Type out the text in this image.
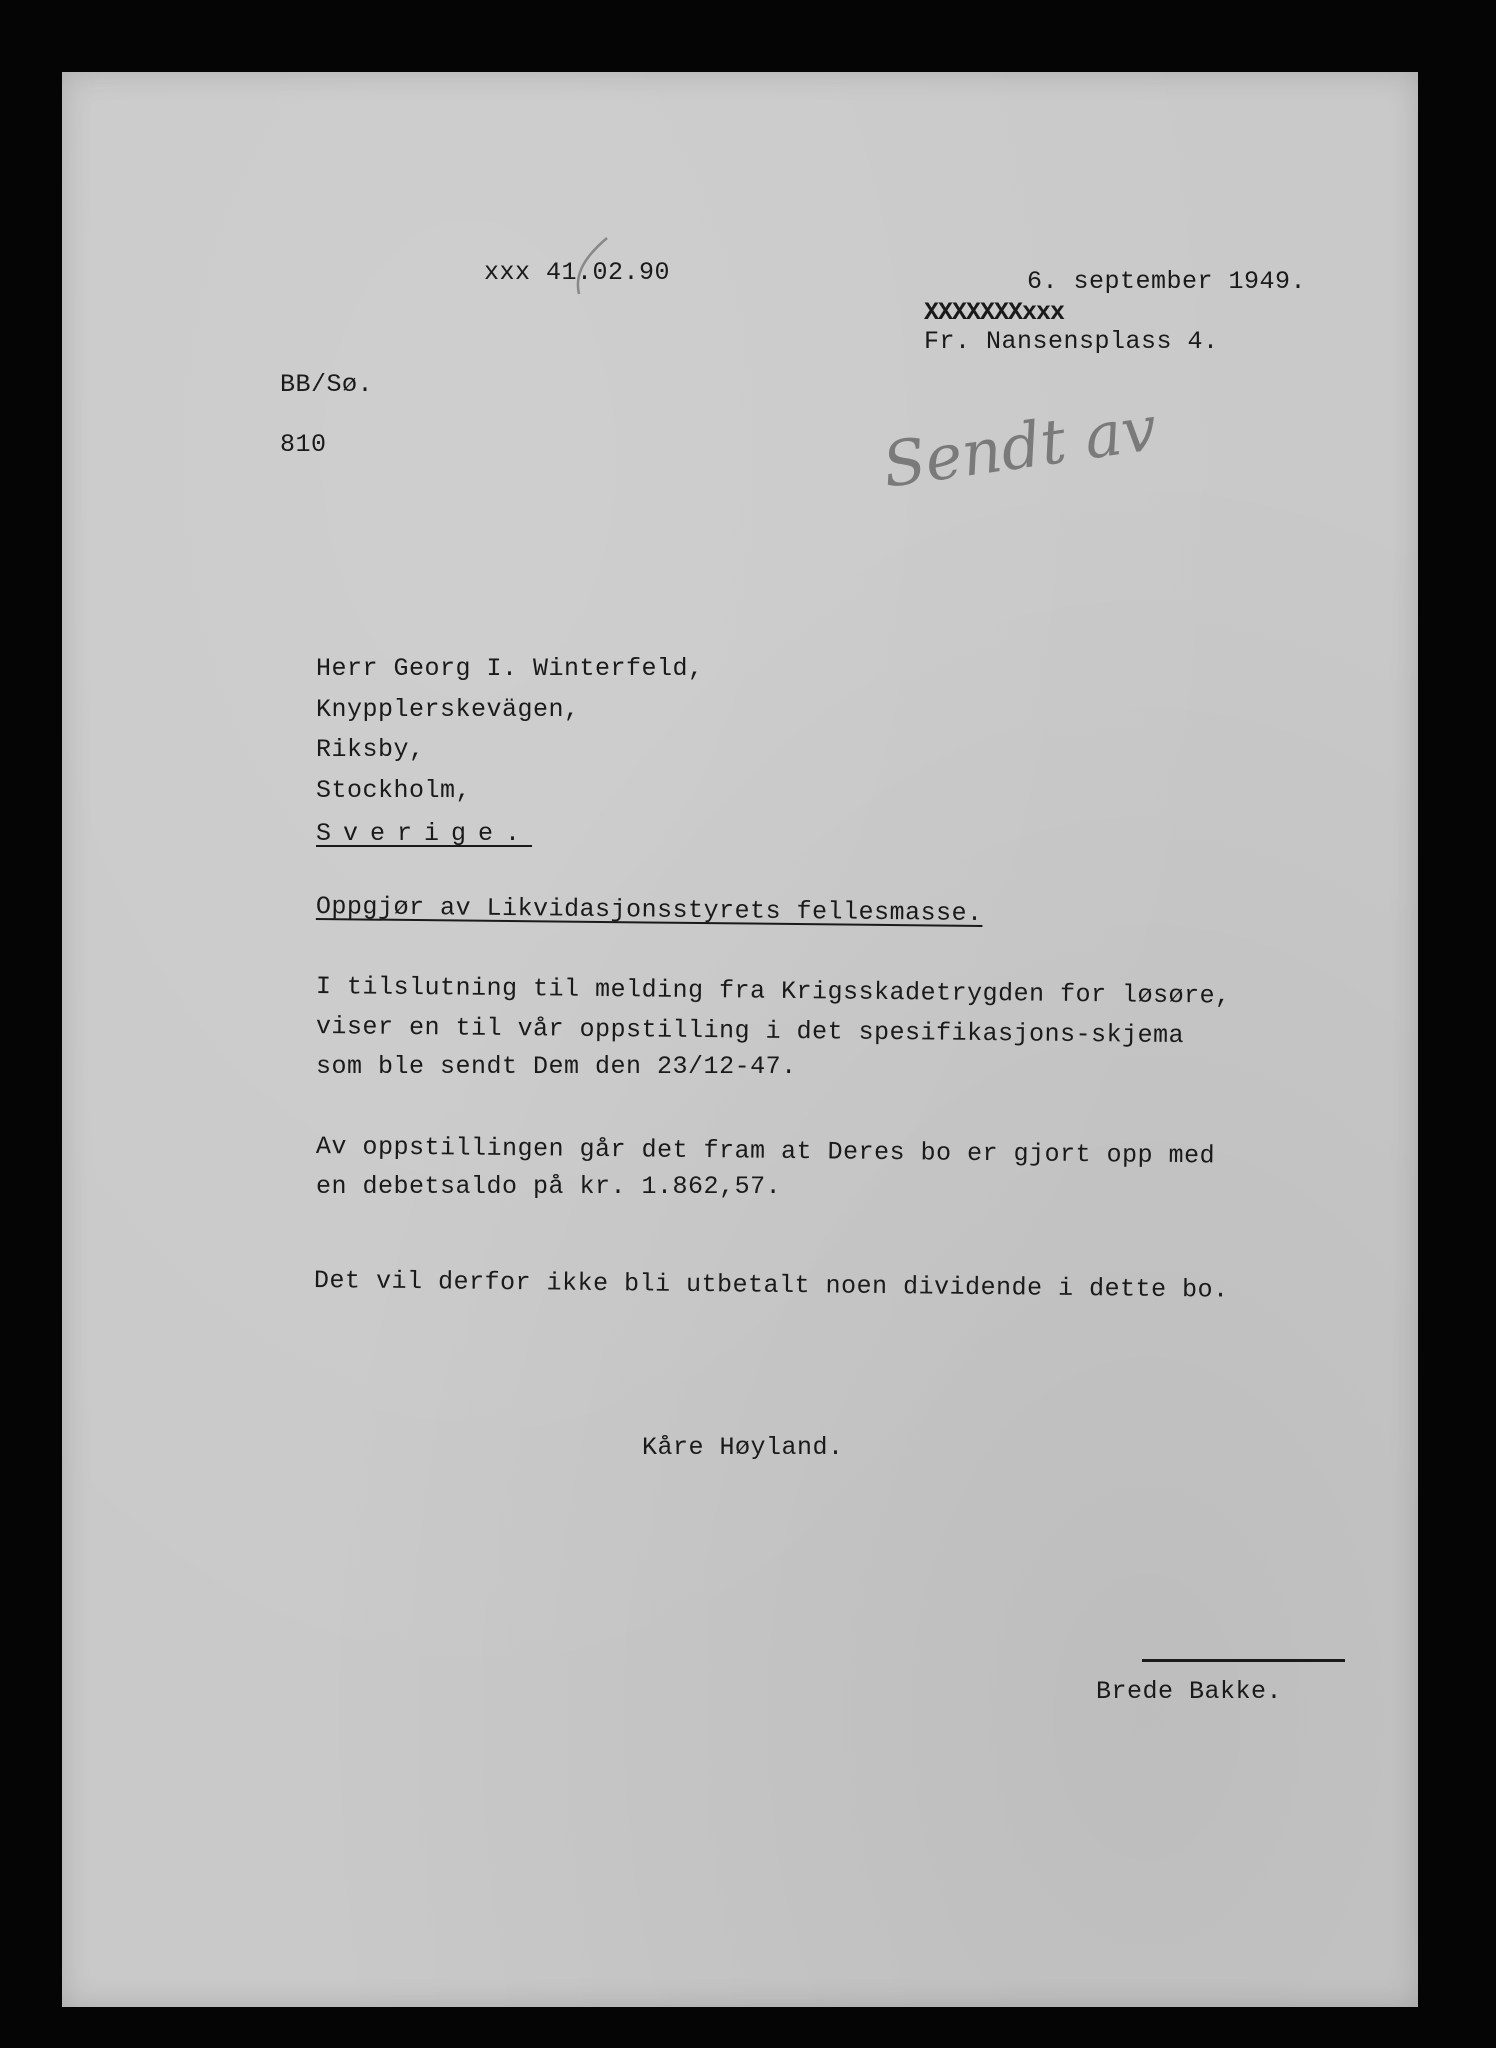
xxx 41.02.90	6. september 1949.
XXXXXXXxxx
Fr. Nansensplass 4.
BB/Sø.
810	Sendt av
Herr Georg I. Winterfeld,
Knypplerskevägen,
Riksby,
Stockholm,
Sverige.
Oppgjør av Likvidasjonsstyrets fellesmasse.
I tilslutning til melding fra Krigsskadetrygden for løsøre,
viser en til vår oppstilling i det spesifikasjons-skjema
som ble sendt Dem den 23/12-47.
Av oppstillingen går det fram at Deres bo er gjort opp med
en debetsaldo på kr. 1.862,57.
Det vil derfor ikke bli utbetalt noen dividende i dette bo.
Kåre Høyland.
Brede Bakke.
